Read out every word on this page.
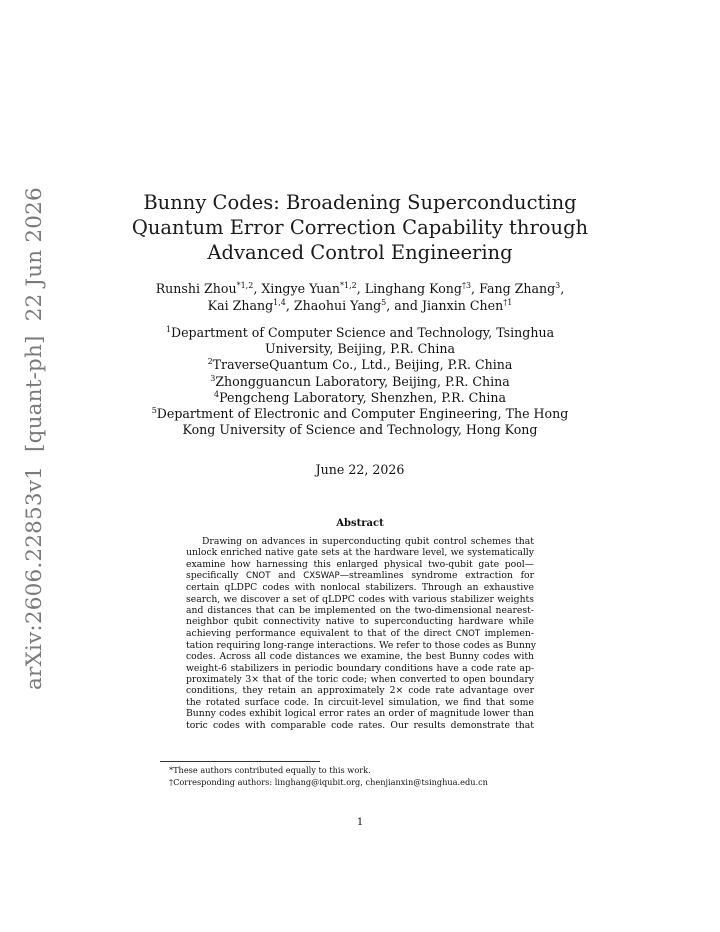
arXiv:2606.22853v1
[quant-ph]
22 Jun 2026	Bunny Codes: Broadening Superconducting
Quantum Error Correction Capability through
Advanced Control Engineering
Runshi Zhou$^{*1,2}$, Xingye Yuan$^{*1,2}$, Linghang Kong$^{\dagger 3}$, Fang Zhang$^3$,
Kai Zhang$^{1,4}$, Zhaohui Yang$^5$, and Jianxin Chen$^{\dagger 1}$
$^1$Department of Computer Science and Technology, Tsinghua
University, Beijing, P.R. China
$^2$TraverseQuantum Co., Ltd., Beijing, P.R. China
$^3$Zhongguancun Laboratory, Beijing, P.R. China
$^4$Pengcheng Laboratory, Shenzhen, P.R. China
$^5$Department of Electronic and Computer Engineering, The Hong
Kong University of Science and Technology, Hong Kong
June 22, 2026
Abstract
Drawing on advances in superconducting qubit control schemes that
unlock enriched native gate sets at the hardware level, we systematically
examine how harnessing this enlarged physical two-qubit gate pool—
specifically CNOT and CXSWAP—streamlines syndrome extraction for
certain qLDPC codes with nonlocal stabilizers. Through an exhaustive
search, we discover a set of qLDPC codes with various stabilizer weights
and distances that can be implemented on the two-dimensional nearest-
neighbor qubit connectivity native to superconducting hardware while
achieving performance equivalent to that of the direct CNOT implemen-
tation requiring long-range interactions. We refer to those codes as Bunny
codes. Across all code distances we examine, the best Bunny codes with
weight-6 stabilizers in periodic boundary conditions have a code rate ap-
proximately 3× that of the toric code; when converted to open boundary
conditions, they retain an approximately 2× code rate advantage over
the rotated surface code. In circuit-level simulation, we find that some
Bunny codes exhibit logical error rates an order of magnitude lower than
toric codes with comparable code rates. Our results demonstrate that
*These authors contributed equally to this work.
†Corresponding authors: linghang@iqubit.org, chenjianxin@tsinghua.edu.cn
1
